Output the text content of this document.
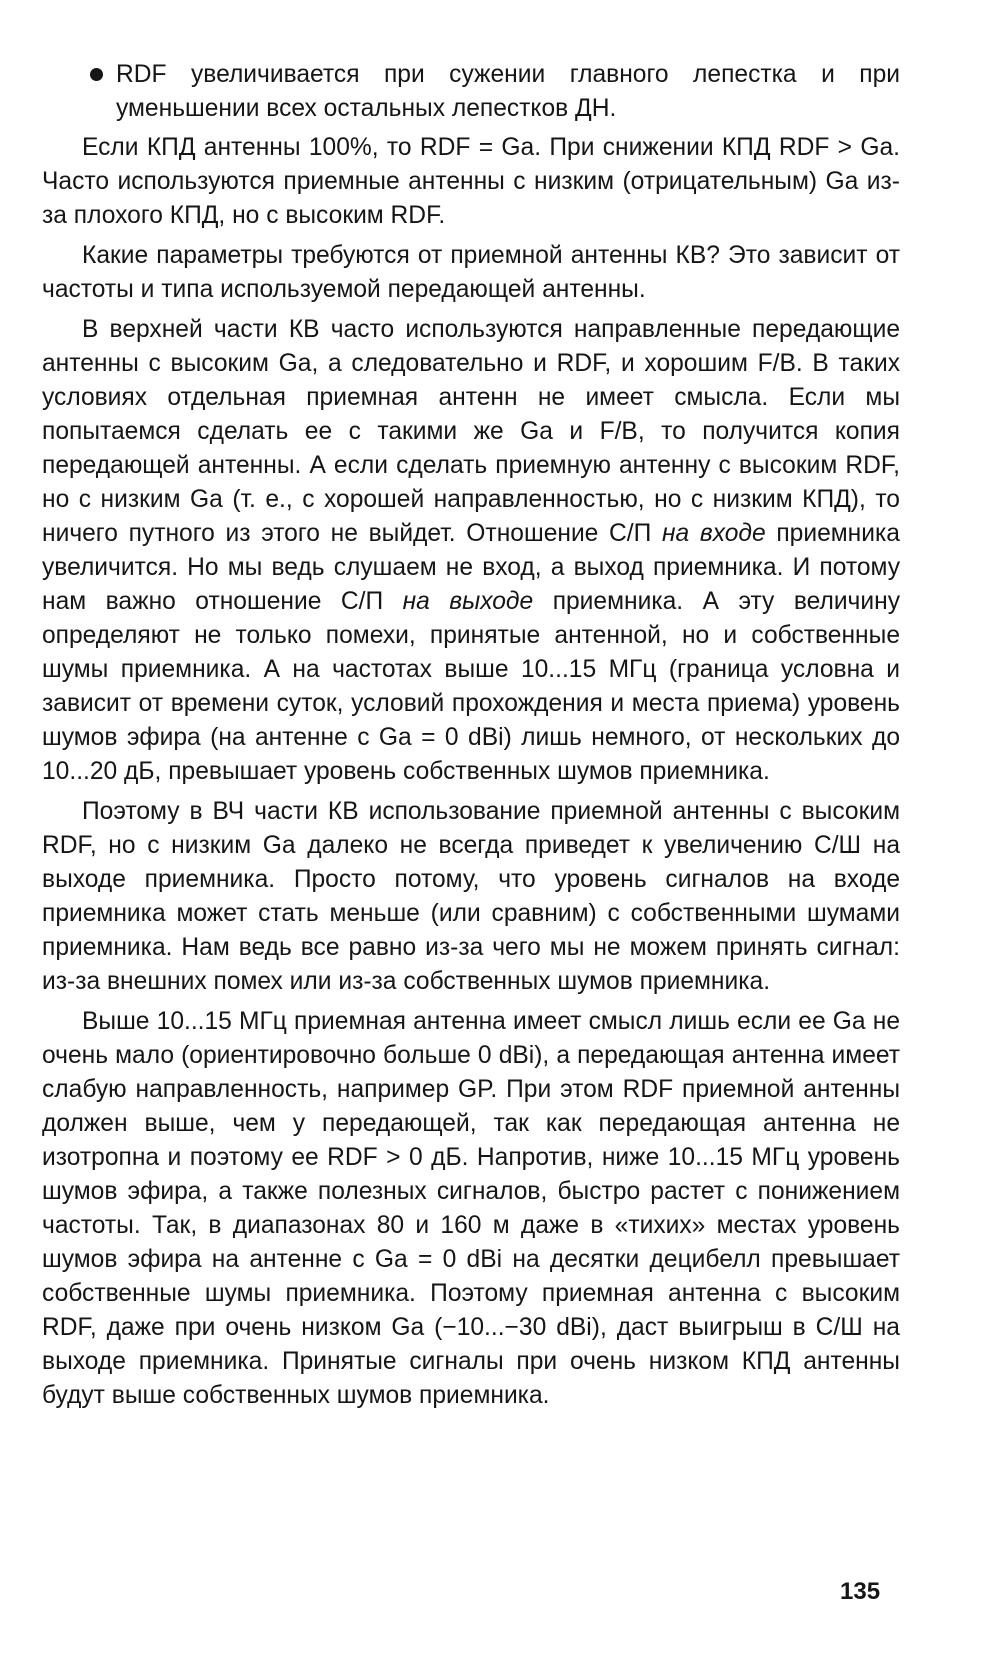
RDF увеличивается при сужении главного лепестка и при уменьшении всех остальных лепестков ДН.

Если КПД антенны 100%, то RDF = Ga. При снижении КПД RDF > Ga. Часто используются приемные антенны с низким (отрицательным) Ga из-за плохого КПД, но с высоким RDF.

Какие параметры требуются от приемной антенны КВ? Это зависит от частоты и типа используемой передающей антенны.

В верхней части КВ часто используются направленные передающие антенны с высоким Ga, а следовательно и RDF, и хорошим F/B. В таких условиях отдельная приемная антенн не имеет смысла. Если мы попытаемся сделать ее с такими же Ga и F/B, то получится копия передающей антенны. А если сделать приемную антенну с высоким RDF, но с низким Ga (т. е., с хорошей направленностью, но с низким КПД), то ничего путного из этого не выйдет. Отношение С/П на входе приемника увеличится. Но мы ведь слушаем не вход, а выход приемника. И потому нам важно отношение С/П на выходе приемника. А эту величину определяют не только помехи, принятые антенной, но и собственные шумы приемника. А на частотах выше 10...15 МГц (граница условна и зависит от времени суток, условий прохождения и места приема) уровень шумов эфира (на антенне с Ga = 0 dBi) лишь немного, от нескольких до 10...20 дБ, превышает уровень собственных шумов приемника.

Поэтому в ВЧ части КВ использование приемной антенны с высоким RDF, но с низким Ga далеко не всегда приведет к увеличению С/Ш на выходе приемника. Просто потому, что уровень сигналов на входе приемника может стать меньше (или сравним) с собственными шумами приемника. Нам ведь все равно из-за чего мы не можем принять сигнал: из-за внешних помех или из-за собственных шумов приемника.

Выше 10...15 МГц приемная антенна имеет смысл лишь если ее Ga не очень мало (ориентировочно больше 0 dBi), а передающая антенна имеет слабую направленность, например GP. При этом RDF приемной антенны должен выше, чем у передающей, так как передающая антенна не изотропна и поэтому ее RDF > 0 дБ. Напротив, ниже 10...15 МГц уровень шумов эфира, а также полезных сигналов, быстро растет с понижением частоты. Так, в диапазонах 80 и 160 м даже в «тихих» местах уровень шумов эфира на антенне с Ga = 0 dBi на десятки децибелл превышает собственные шумы приемника. Поэтому приемная антенна с высоким RDF, даже при очень низком Ga (−10...−30 dBi), даст выигрыш в С/Ш на выходе приемника. Принятые сигналы при очень низком КПД антенны будут выше собственных шумов приемника.

135
